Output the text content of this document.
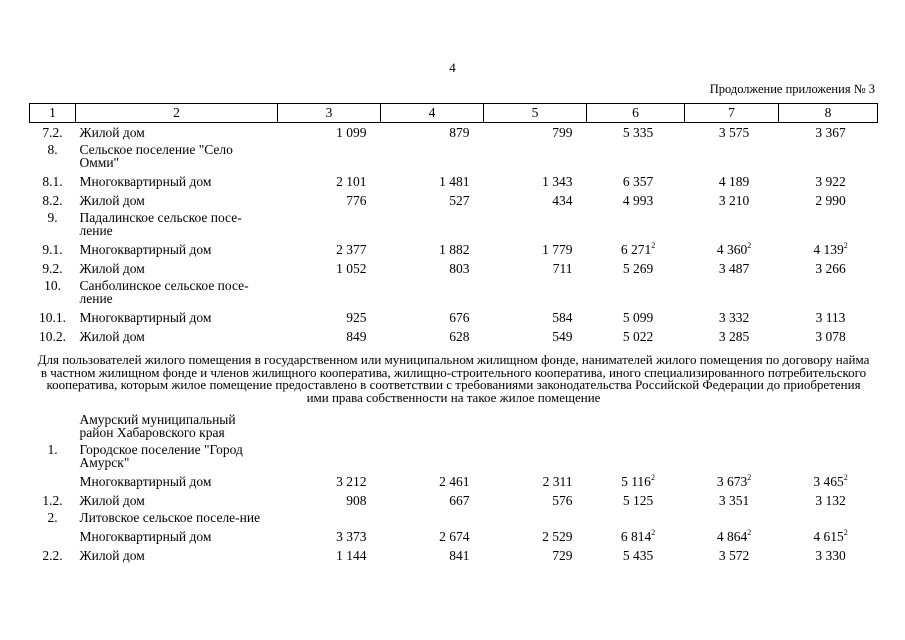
4
Продолжение приложения № 3
1	2	3	4	5	6	7	8
7.2.	Жилой дом	1 099	879	799	5 335	3 575	3 367
8.	Сельское поселение "Село Омми"						
8.1.	Многоквартирный дом	2 101	1 481	1 343	6 357	4 189	3 922
8.2.	Жилой дом	776	527	434	4 993	3 210	2 990
9.	Падалинское сельское посе-ление						
9.1.	Многоквартирный дом	2 377	1 882	1 779	6 $271^2$	4 $360^2$	4 $139^2$
9.2.	Жилой дом	1 052	803	711	5 269	3 487	3 266
10.	Санболинское сельское посе-ление						
10.1.	Многоквартирный дом	925	676	584	5 099	3 332	3 113
10.2.	Жилой дом	849	628	549	5 022	3 285	3 078
Для пользователей жилого помещения в государственном или муниципальном жилищном фонде, нанимателей жилого помещения по договору найма в частном жилищном фонде и членов жилищного кооператива, жилищно-строительного кооператива, иного специализированного потребительского кооператива, которым жилое помещение предоставлено в соответствии с требованиями законодательства Российской Федерации до приобретения ими права собственности на такое жилое помещение							
	Амурский муниципальный район Хабаровского края						
1.	Городское поселение "Город Амурск"						
	Многоквартирный дом	3 212	2 461	2 311	5 $116^2$	3 $673^2$	3 $465^2$
1.2.	Жилой дом	908	667	576	5 125	3 351	3 132
2.	Литовское сельское поселе-ние						
	Многоквартирный дом	3 373	2 674	2 529	6 $814^2$	4 $864^2$	4 $615^2$
2.2.	Жилой дом	1 144	841	729	5 435	3 572	3 330
